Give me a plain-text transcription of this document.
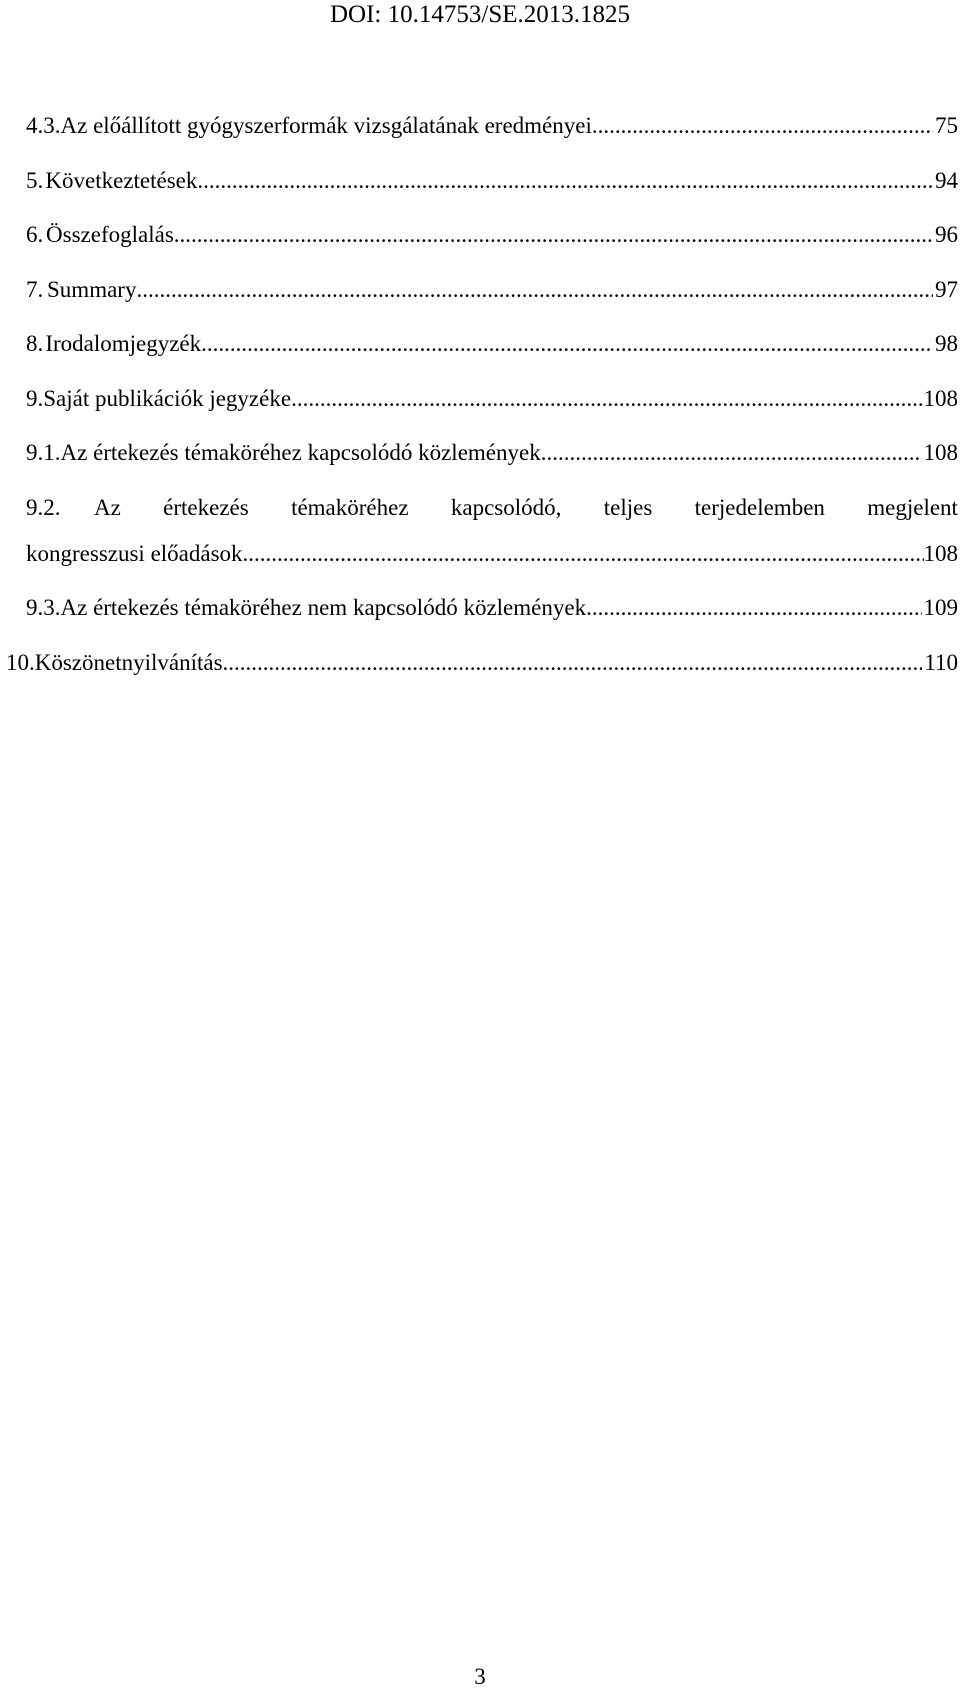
DOI: 10.14753/SE.2013.1825
4.3. Az előállított gyógyszerformák vizsgálatának eredményei .....	75
5. Következtetések .....	94
6. Összefoglalás .....	96
7. Summary .....	97
8. Irodalomjegyzék .....	98
9. Saját publikációk jegyzéke .....	108
9.1. Az értekezés témaköréhez kapcsolódó közlemények .....	108
9.2.	Az értekezés témaköréhez kapcsolódó, teljes terjedelemben megjelent
kongresszusi előadások .....	108
9.3. Az értekezés témaköréhez nem kapcsolódó közlemények .....	109
10. Köszönetnyilvánítás .....	110
3
